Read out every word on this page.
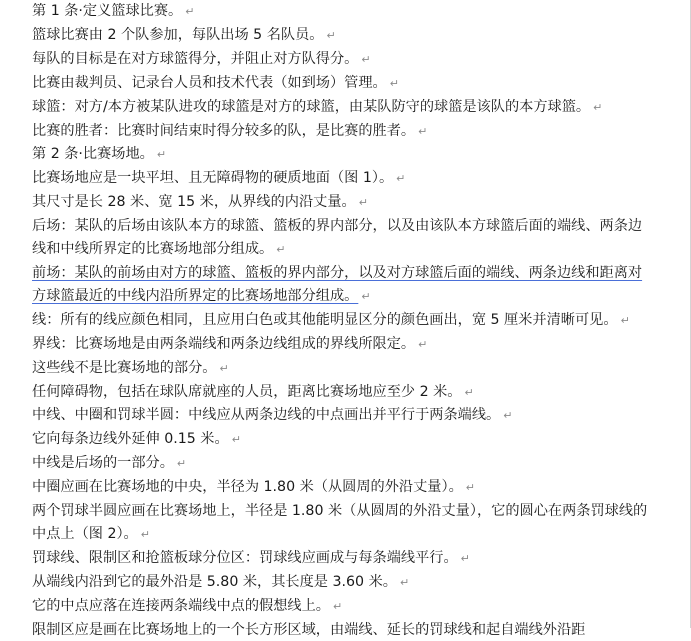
第 1 条·定义篮球比赛。 ↵

篮球比赛由 2 个队参加，每队出场 5 名队员。 ↵

每队的目标是在对方球篮得分，并阻止对方队得分。 ↵

比赛由裁判员、记录台人员和技术代表（如到场）管理。 ↵

球篮：对方/本方被某队进攻的球篮是对方的球篮，由某队防守的球篮是该队的本方球篮。 ↵

比赛的胜者：比赛时间结束时得分较多的队，是比赛的胜者。 ↵

第 2 条·比赛场地。 ↵

比赛场地应是一块平坦、且无障碍物的硬质地面（图 1）。 ↵

其尺寸是长 28 米、宽 15 米，从界线的内沿丈量。 ↵

后场：某队的后场由该队本方的球篮、篮板的界内部分，以及由该队本方球篮后面的端线、两条边线和中线所界定的比赛场地部分组成。 ↵

前场：某队的前场由对方的球篮、篮板的界内部分，以及对方球篮后面的端线、两条边线和距离对方球篮最近的中线内沿所界定的比赛场地部分组成。 ↵

线：所有的线应颜色相同，且应用白色或其他能明显区分的颜色画出，宽 5 厘米并清晰可见。 ↵

界线：比赛场地是由两条端线和两条边线组成的界线所限定。 ↵

这些线不是比赛场地的部分。 ↵

任何障碍物，包括在球队席就座的人员，距离比赛场地应至少 2 米。 ↵

中线、中圈和罚球半圆：中线应从两条边线的中点画出并平行于两条端线。 ↵

它向每条边线外延伸 0.15 米。 ↵

中线是后场的一部分。 ↵

中圈应画在比赛场地的中央，半径为 1.80 米（从圆周的外沿丈量）。 ↵

两个罚球半圆应画在比赛场地上，半径是 1.80 米（从圆周的外沿丈量），它的圆心在两条罚球线的中点上（图 2）。 ↵

罚球线、限制区和抢篮板球分位区：罚球线应画成与每条端线平行。 ↵

从端线内沿到它的最外沿是 5.80 米，其长度是 3.60 米。 ↵

它的中点应落在连接两条端线中点的假想线上。 ↵

限制区应是画在比赛场地上的一个长方形区域，由端线、延长的罚球线和起自端线外沿距
